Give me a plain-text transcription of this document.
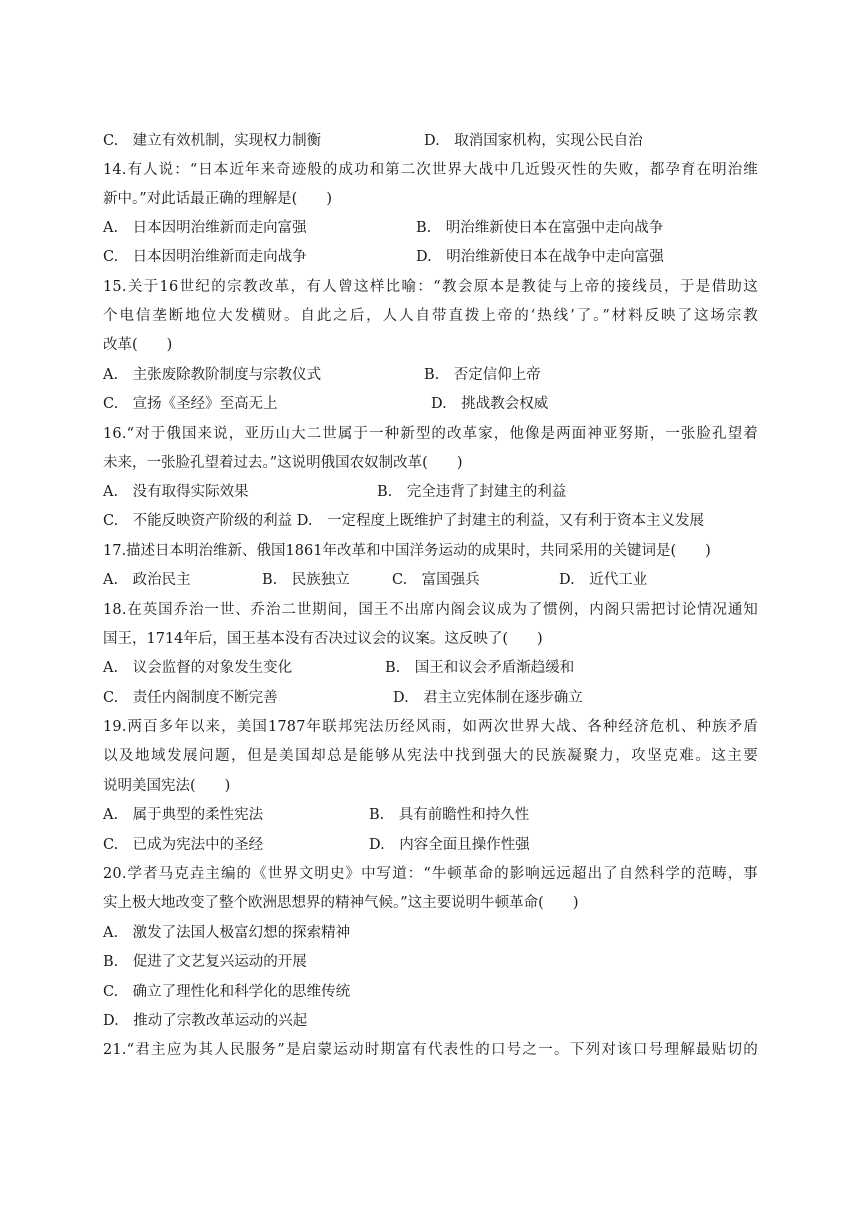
C.　建立有效机制，实现权力制衡	D.　取消国家机构，实现公民自治
14.有人说：“日本近年来奇迹般的成功和第二次世界大战中几近毁灭性的失败，都孕育在明治维
新中。”对此话最正确的理解是(　　)
A.　日本因明治维新而走向富强	B.　明治维新使日本在富强中走向战争
C.　日本因明治维新而走向战争	D.　明治维新使日本在战争中走向富强
15.关于16世纪的宗教改革，有人曾这样比喻：“教会原本是教徒与上帝的接线员，于是借助这
个电信垄断地位大发横财。自此之后，人人自带直拨上帝的‘热线’了。”材料反映了这场宗教
改革(　　)
A.　主张废除教阶制度与宗教仪式	B.　否定信仰上帝
C.　宣扬《圣经》至高无上	D.　挑战教会权威
16.“对于俄国来说，亚历山大二世属于一种新型的改革家，他像是两面神亚努斯，一张脸孔望着
未来，一张脸孔望着过去。”这说明俄国农奴制改革(　　)
A.　没有取得实际效果	B.　完全违背了封建主的利益
C.　不能反映资产阶级的利益 D.　一定程度上既维护了封建主的利益，又有利于资本主义发展
17.描述日本明治维新、俄国1861年改革和中国洋务运动的成果时，共同采用的关键词是(　　)
A.　政治民主	B.　民族独立	C.　富国强兵	D.　近代工业
18.在英国乔治一世、乔治二世期间，国王不出席内阁会议成为了惯例，内阁只需把讨论情况通知
国王，1714年后，国王基本没有否决过议会的议案。这反映了(　　)
A.　议会监督的对象发生变化	B.　国王和议会矛盾渐趋缓和
C.　责任内阁制度不断完善	D.　君主立宪体制在逐步确立
19.两百多年以来，美国1787年联邦宪法历经风雨，如两次世界大战、各种经济危机、种族矛盾
以及地域发展问题，但是美国却总是能够从宪法中找到强大的民族凝聚力，攻坚克难。这主要
说明美国宪法(　　)
A.　属于典型的柔性宪法	B.　具有前瞻性和持久性
C.　已成为宪法中的圣经	D.　内容全面且操作性强
20.学者马克垚主编的《世界文明史》中写道：“牛顿革命的影响远远超出了自然科学的范畴，事
实上极大地改变了整个欧洲思想界的精神气候。”这主要说明牛顿革命(　　)
A.　激发了法国人极富幻想的探索精神
B.　促进了文艺复兴运动的开展
C.　确立了理性化和科学化的思维传统
D.　推动了宗教改革运动的兴起
21.“君主应为其人民服务”是启蒙运动时期富有代表性的口号之一。下列对该口号理解最贴切的
